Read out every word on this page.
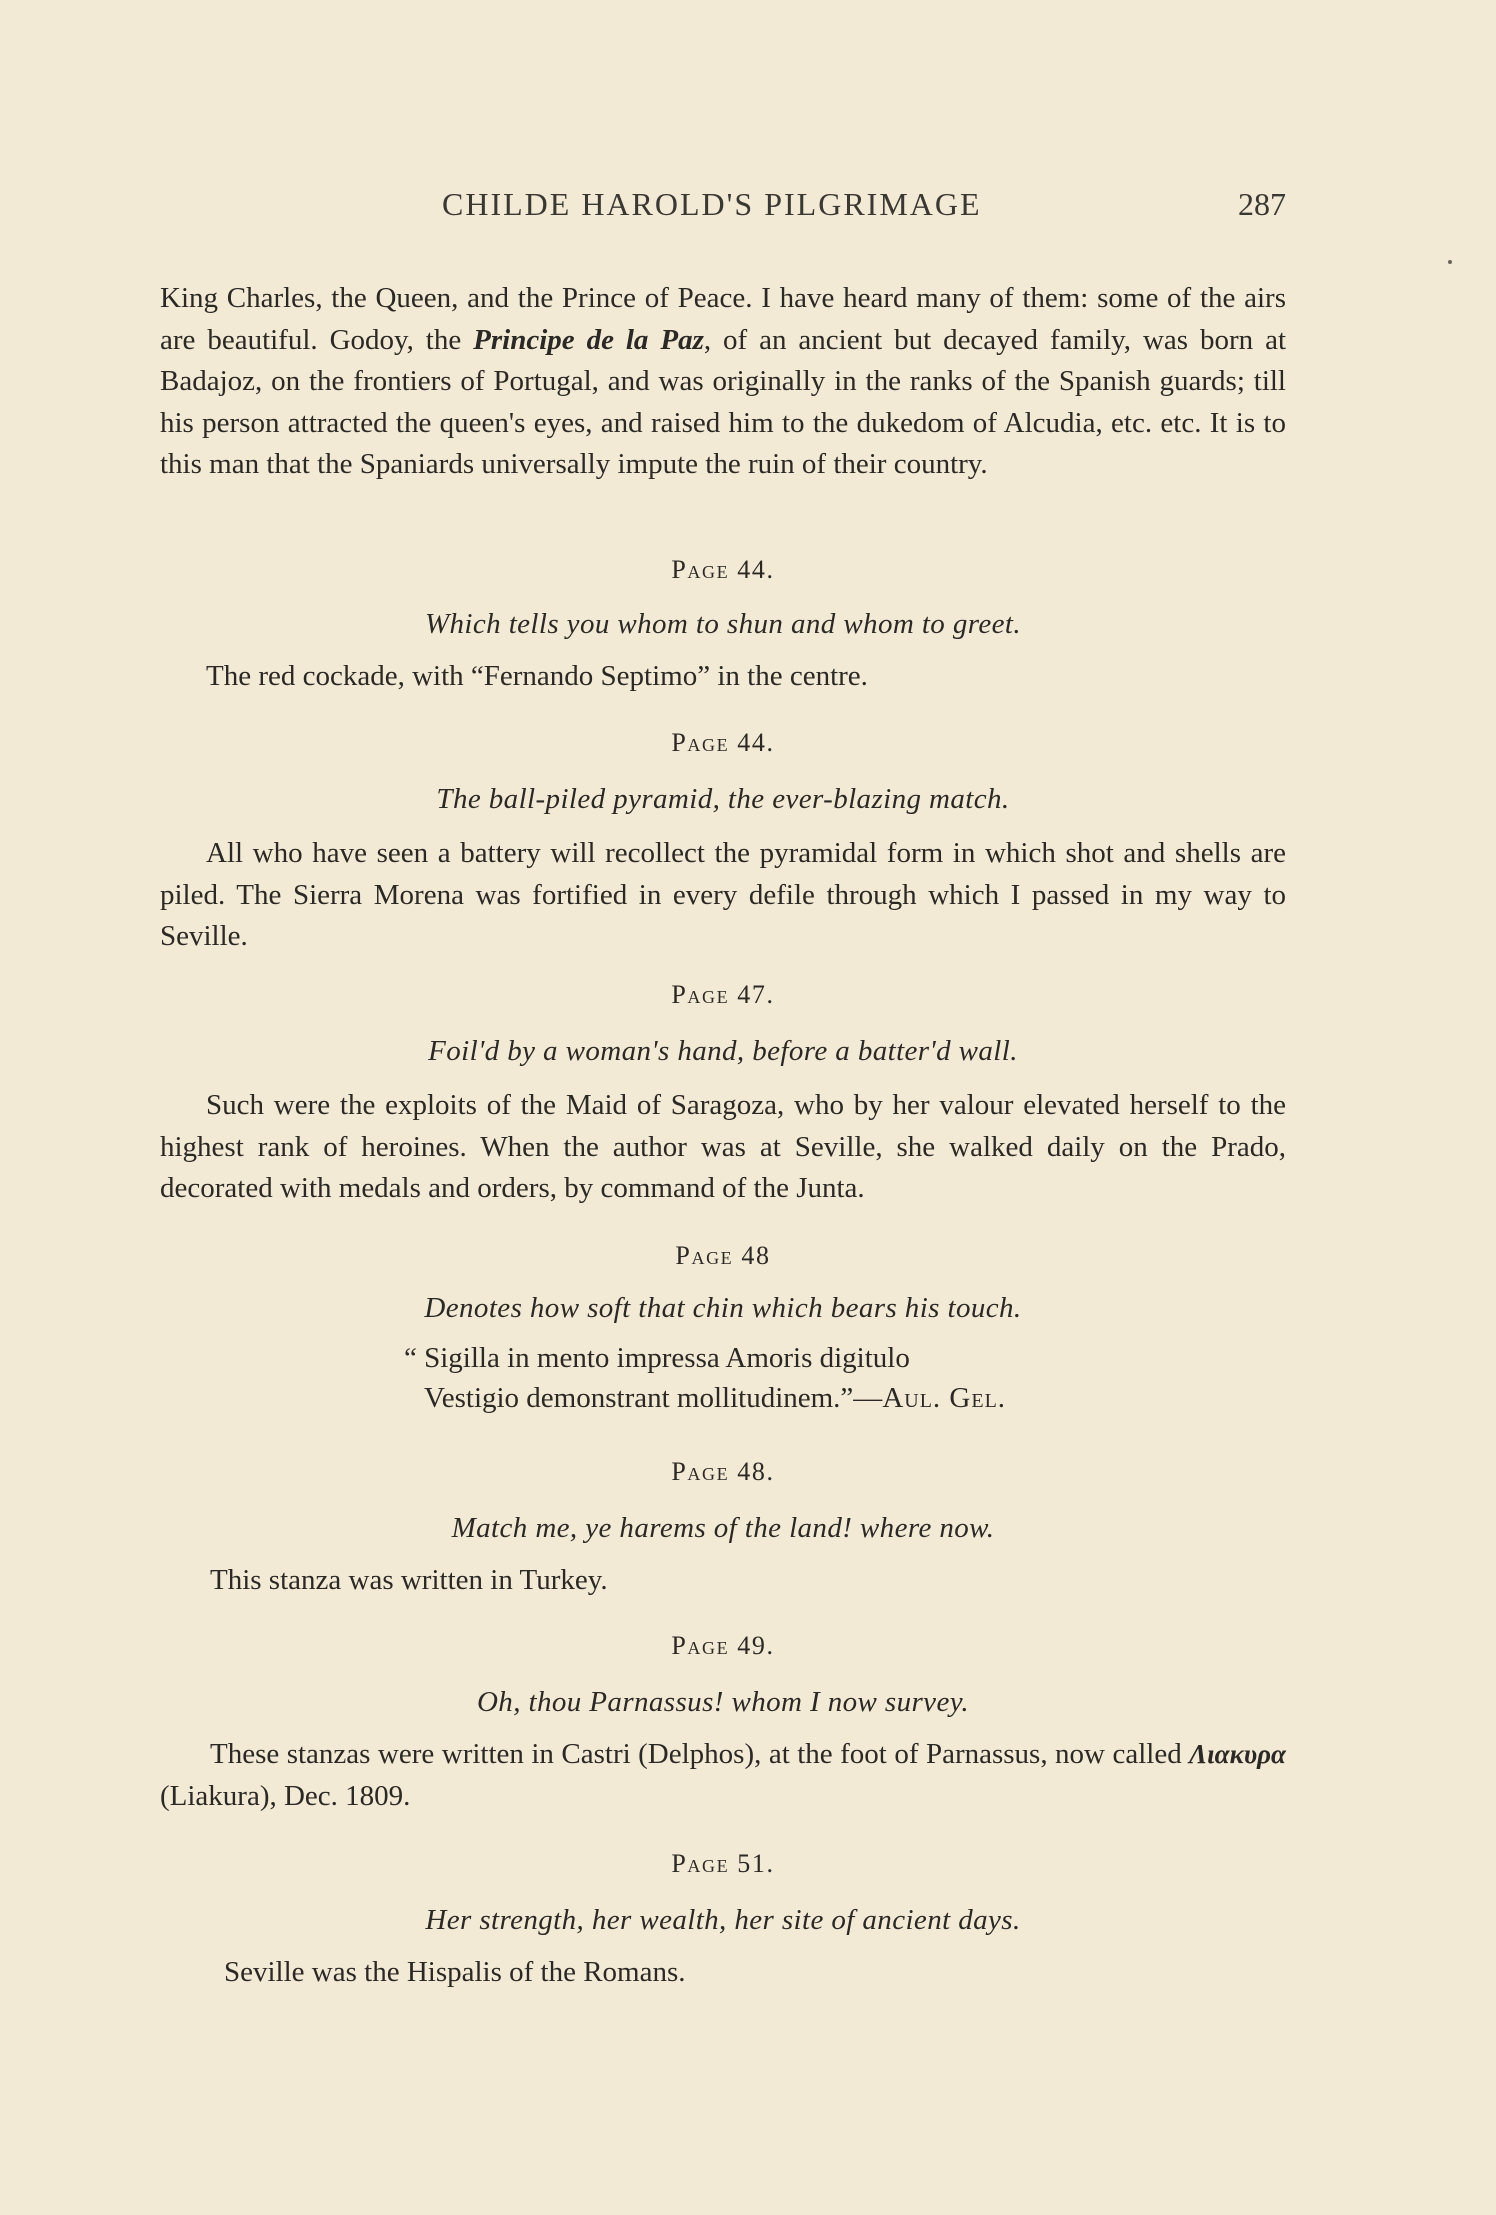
CHILDE HAROLD'S PILGRIMAGE	287

King Charles, the Queen, and the Prince of Peace. I have heard many of them: some of the airs are beautiful. Godoy, the Principe de la Paz, of an ancient but decayed family, was born at Badajoz, on the frontiers of Portugal, and was originally in the ranks of the Spanish guards; till his person attracted the queen's eyes, and raised him to the dukedom of Alcudia, etc. etc. It is to this man that the Spaniards universally impute the ruin of their country.

Page 44.

Which tells you whom to shun and whom to greet.

The red cockade, with “Fernando Septimo” in the centre.

Page 44.

The ball-piled pyramid, the ever-blazing match.

All who have seen a battery will recollect the pyramidal form in which shot and shells are piled. The Sierra Morena was fortified in every defile through which I passed in my way to Seville.

Page 47.

Foil'd by a woman's hand, before a batter'd wall.

Such were the exploits of the Maid of Saragoza, who by her valour elevated herself to the highest rank of heroines. When the author was at Seville, she walked daily on the Prado, decorated with medals and orders, by command of the Junta.

Page 48

Denotes how soft that chin which bears his touch.

“ Sigilla in mento impressa Amoris digitulo

Vestigio demonstrant mollitudinem.”—Aul. Gel.

Page 48.

Match me, ye harems of the land! where now.

This stanza was written in Turkey.

Page 49.

Oh, thou Parnassus! whom I now survey.

These stanzas were written in Castri (Delphos), at the foot of Parnassus, now called Λιακυρα (Liakura), Dec. 1809.

Page 51.

Her strength, her wealth, her site of ancient days.

Seville was the Hispalis of the Romans.
